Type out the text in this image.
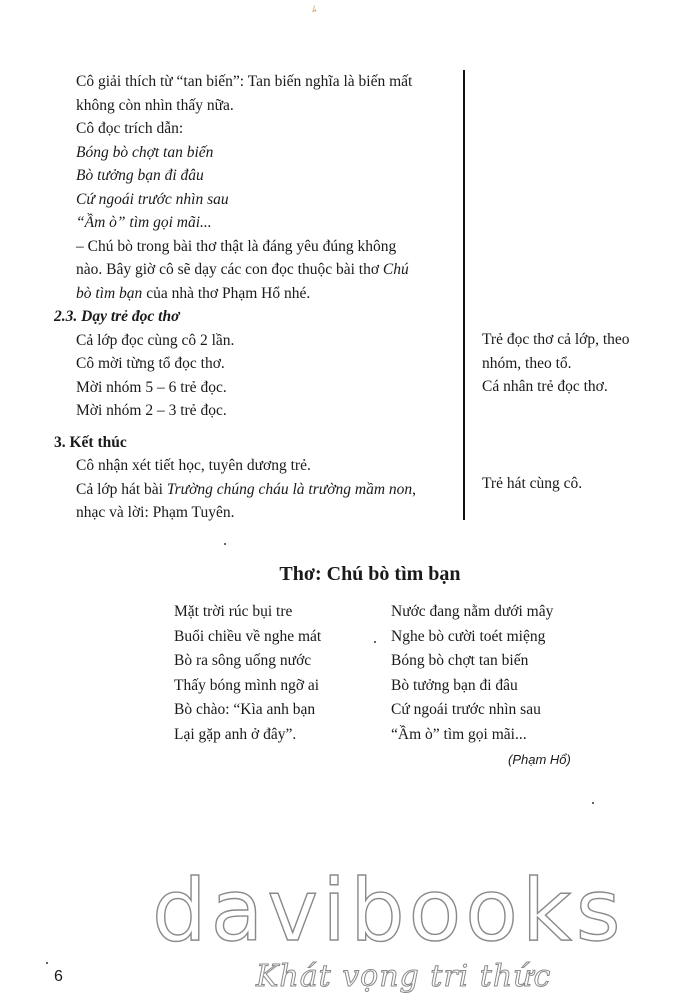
ﾑ

Cô giải thích từ “tan biến”: Tan biến nghĩa là biến mất

không còn nhìn thấy nữa.

Cô đọc trích dẫn:

Bóng bò chợt tan biến

Bò tưởng bạn đi đâu

Cứ ngoái trước nhìn sau

“Ầm ò” tìm gọi mãi...

– Chú bò trong bài thơ thật là đáng yêu đúng không

nào. Bây giờ cô sẽ dạy các con đọc thuộc bài thơ Chú

bò tìm bạn của nhà thơ Phạm Hổ nhé.

2.3. Dạy trẻ đọc thơ

Cả lớp đọc cùng cô 2 lần.

Cô mời từng tổ đọc thơ.

Mời nhóm 5 – 6 trẻ đọc.

Mời nhóm 2 – 3 trẻ đọc.

3. Kết thúc

Cô nhận xét tiết học, tuyên dương trẻ.

Cả lớp hát bài Trường chúng cháu là trường mầm non,

nhạc và lời: Phạm Tuyên.

Trẻ đọc thơ cả lớp, theo

nhóm, theo tổ.

Cá nhân trẻ đọc thơ.

Trẻ hát cùng cô.

Thơ: Chú bò tìm bạn

Mặt trời rúc bụi tre

Buổi chiều về nghe mát

Bò ra sông uống nước

Thấy bóng mình ngỡ ai

Bò chào: “Kìa anh bạn

Lại gặp anh ở đây”.

Nước đang nằm dưới mây

Nghe bò cười toét miệng

Bóng bò chợt tan biến

Bò tưởng bạn đi đâu

Cứ ngoái trước nhìn sau

“Ầm ò” tìm gọi mãi...

(Phạm Hổ)
davibooks
Khát vọng tri thức
6
